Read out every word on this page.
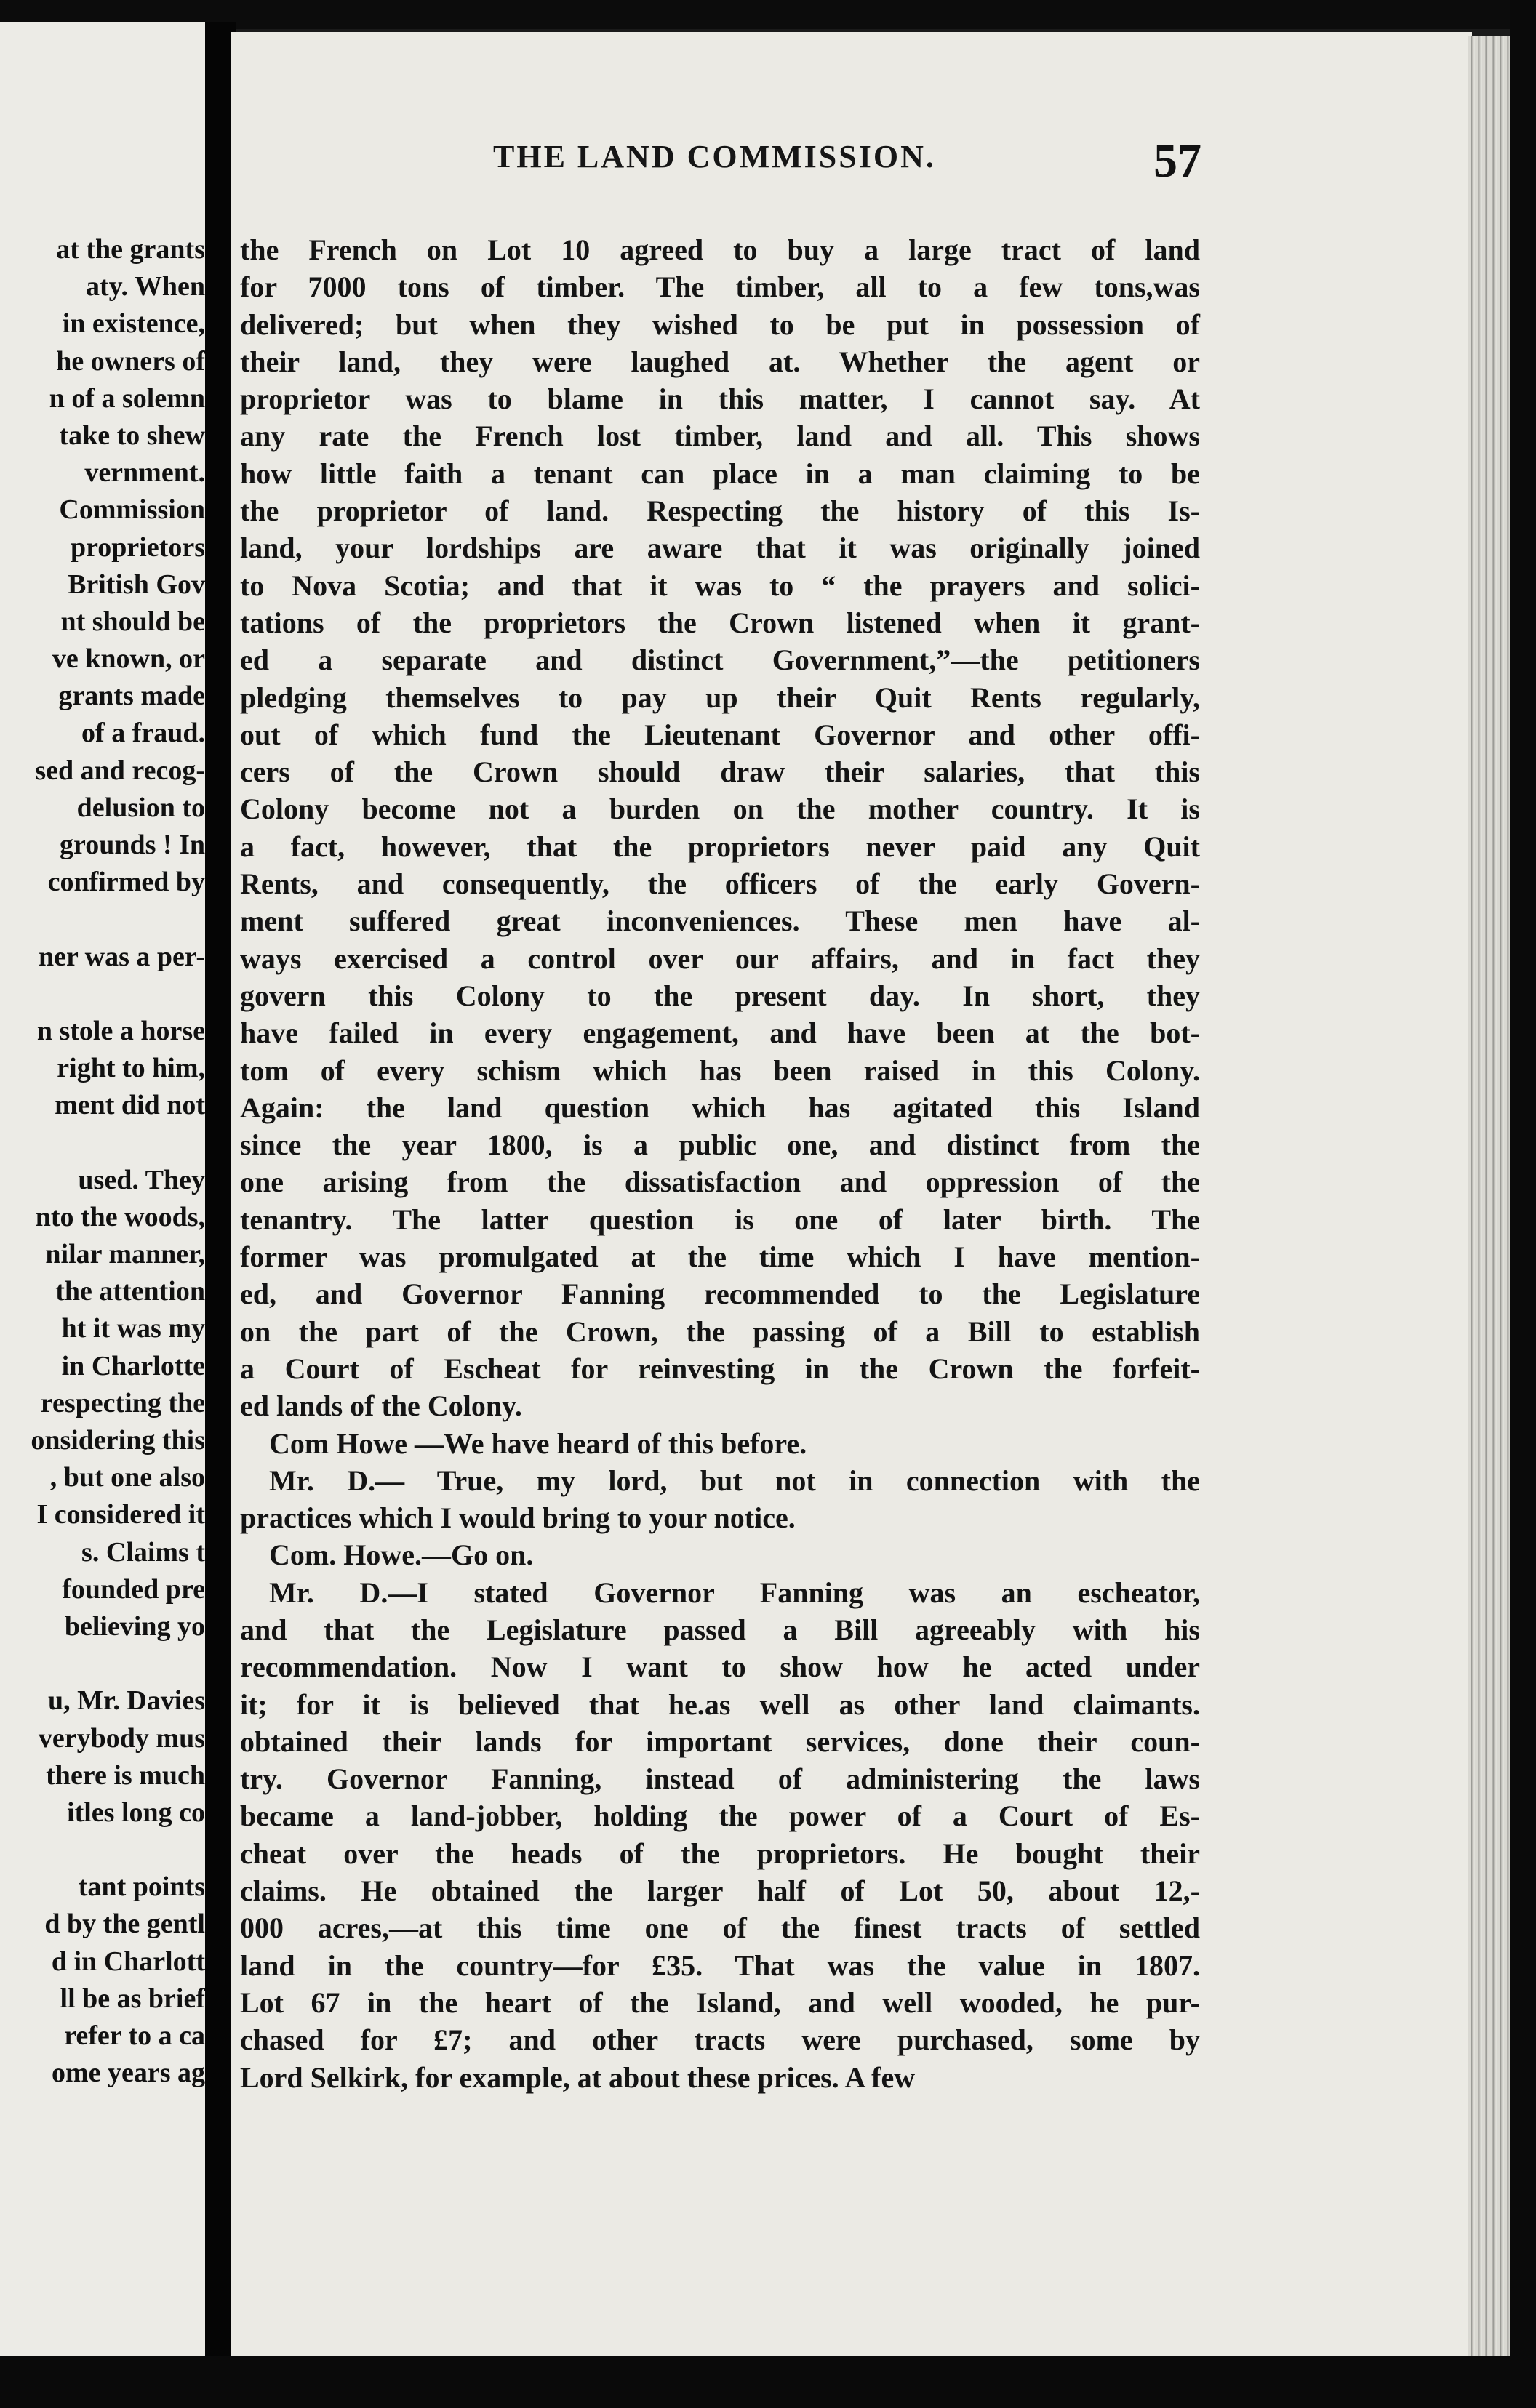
at the grants
aty. When
in existence,
he owners of
n of a solemn
take to shew
vernment.
Commission
proprietors
British Gov
nt should be
ve known, or
grants made
of a fraud.
sed and recog-
delusion to
grounds ! In
confirmed by
ner was a per-
n stole a horse
right to him,
ment did not
used. They
nto the woods,
nilar manner,
the attention
ht it was my
in Charlotte
respecting the
onsidering this
, but one also
I considered it
s. Claims t
founded pre
believing yo
u, Mr. Davies
verybody mus
there is much
itles long co
tant points
d by the gentl
d in Charlott
ll be as brief
refer to a ca
ome years ag
THE LAND COMMISSION.	57
the French on Lot 10 agreed to buy a large tract of land
for 7000 tons of timber. The timber, all to a few tons,was
delivered; but when they wished to be put in possession of
their land, they were laughed at. Whether the agent or
proprietor was to blame in this matter, I cannot say. At
any rate the French lost timber, land and all. This shows
how little faith a tenant can place in a man claiming to be
the proprietor of land. Respecting the history of this Is-
land, your lordships are aware that it was originally joined
to Nova Scotia; and that it was to “ the prayers and solici-
tations of the proprietors the Crown listened when it grant-
ed a separate and distinct Government,”—the petitioners
pledging themselves to pay up their Quit Rents regularly,
out of which fund the Lieutenant Governor and other offi-
cers of the Crown should draw their salaries, that this
Colony become not a burden on the mother country. It is
a fact, however, that the proprietors never paid any Quit
Rents, and consequently, the officers of the early Govern-
ment suffered great inconveniences. These men have al-
ways exercised a control over our affairs, and in fact they
govern this Colony to the present day. In short, they
have failed in every engagement, and have been at the bot-
tom of every schism which has been raised in this Colony.
Again: the land question which has agitated this Island
since the year 1800, is a public one, and distinct from the
one arising from the dissatisfaction and oppression of the
tenantry. The latter question is one of later birth. The
former was promulgated at the time which I have mention-
ed, and Governor Fanning recommended to the Legislature
on the part of the Crown, the passing of a Bill to establish
a Court of Escheat for reinvesting in the Crown the forfeit-
ed lands of the Colony.
Com Howe —We have heard of this before.
Mr. D.— True, my lord, but not in connection with the
practices which I would bring to your notice.
Com. Howe.—Go on.
Mr. D.—I stated Governor Fanning was an escheator,
and that the Legislature passed a Bill agreeably with his
recommendation. Now I want to show how he acted under
it; for it is believed that he.as well as other land claimants.
obtained their lands for important services, done their coun-
try. Governor Fanning, instead of administering the laws
became a land-jobber, holding the power of a Court of Es-
cheat over the heads of the proprietors. He bought their
claims. He obtained the larger half of Lot 50, about 12,-
000 acres,—at this time one of the finest tracts of settled
land in the country—for £35. That was the value in 1807.
Lot 67 in the heart of the Island, and well wooded, he pur-
chased for £7; and other tracts were purchased, some by
Lord Selkirk, for example, at about these prices. A few
